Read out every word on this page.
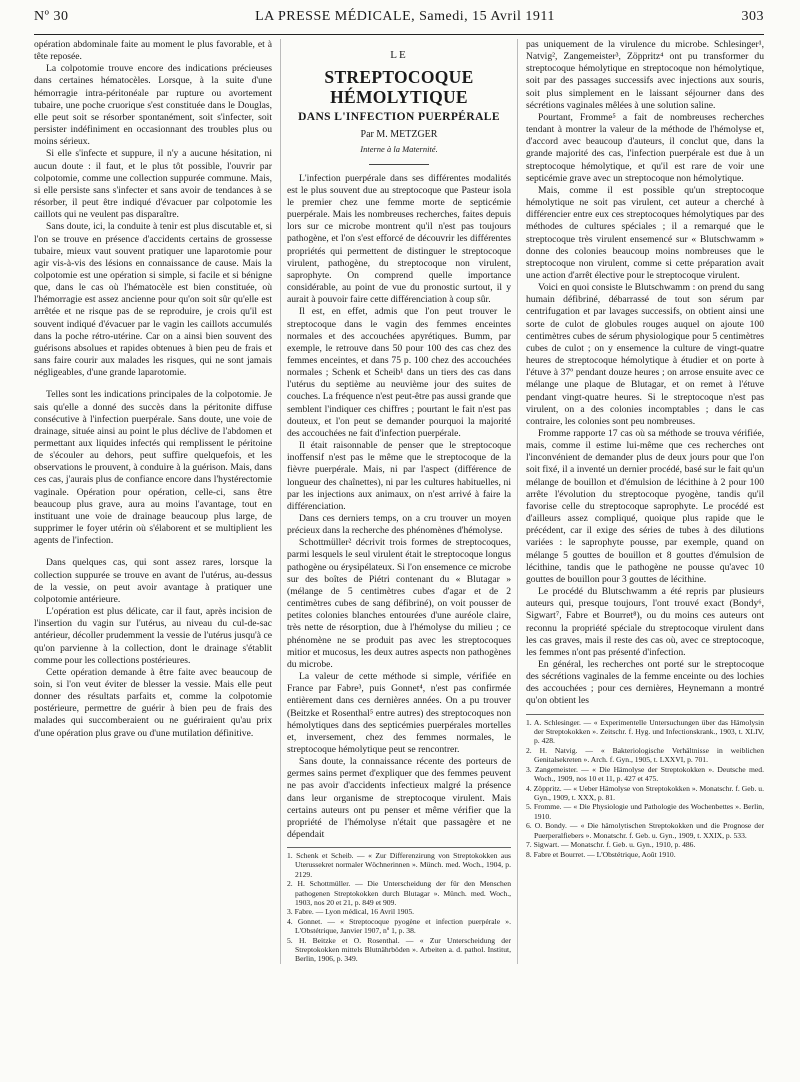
Nº 30	LA PRESSE MÉDICALE, Samedi, 15 Avril 1911	303

opération abdominale faite au moment le plus favorable, et à tête reposée.

La colpotomie trouve encore des indications précieuses dans certaines hématocèles. Lorsque, à la suite d'une hémorragie intra-péritonéale par rupture ou avortement tubaire, une poche cruorique s'est constituée dans le Douglas, elle peut soit se résorber spontanément, soit s'infecter, soit persister indéfiniment en occasionnant des troubles plus ou moins sérieux.

Si elle s'infecte et suppure, il n'y a aucune hésitation, ni aucun doute : il faut, et le plus tôt possible, l'ouvrir par colpotomie, comme une collection suppurée commune. Mais, si elle persiste sans s'infecter et sans avoir de tendances à se résorber, il peut être indiqué d'évacuer par colpotomie les caillots qui ne veulent pas disparaître.

Sans doute, ici, la conduite à tenir est plus discutable et, si l'on se trouve en présence d'accidents certains de grossesse tubaire, mieux vaut souvent pratiquer une laparotomie pour agir vis-à-vis des lésions en connaissance de cause. Mais la colpotomie est une opération si simple, si facile et si bénigne que, dans le cas où l'hématocèle est bien constituée, où l'hémorragie est assez ancienne pour qu'on soit sûr qu'elle est arrêtée et ne risque pas de se reproduire, je crois qu'il est souvent indiqué d'évacuer par le vagin les caillots accumulés dans la poche rétro-utérine. Car on a ainsi bien souvent des guérisons absolues et rapides obtenues à bien peu de frais et sans faire courir aux malades les risques, qui ne sont jamais négligeables, d'une grande laparotomie.

Telles sont les indications principales de la colpotomie. Je sais qu'elle a donné des succès dans la péritonite diffuse consécutive à l'infection puerpérale. Sans doute, une voie de drainage, située ainsi au point le plus déclive de l'abdomen et permettant aux liquides infectés qui remplissent le péritoine de s'écouler au dehors, peut suffire quelquefois, et les observations le prouvent, à conduire à la guérison. Mais, dans ces cas, j'aurais plus de confiance encore dans l'hystérectomie vaginale. Opération pour opération, celle-ci, sans être beaucoup plus grave, aura au moins l'avantage, tout en instituant une voie de drainage beaucoup plus large, de supprimer le foyer utérin où s'élaborent et se multiplient les agents de l'infection.

Dans quelques cas, qui sont assez rares, lorsque la collection suppurée se trouve en avant de l'utérus, au-dessus de la vessie, on peut avoir avantage à pratiquer une colpotomie antérieure.

L'opération est plus délicate, car il faut, après incision de l'insertion du vagin sur l'utérus, au niveau du cul-de-sac antérieur, décoller prudemment la vessie de l'utérus jusqu'à ce qu'on parvienne à la collection, dont le drainage s'établit comme pour les collections postérieures.

Cette opération demande à être faite avec beaucoup de soin, si l'on veut éviter de blesser la vessie. Mais elle peut donner des résultats parfaits et, comme la colpotomie postérieure, permettre de guérir à bien peu de frais des malades qui succomberaient ou ne guériraient qu'au prix d'une opération plus grave ou d'une mutilation définitive.

LE
STREPTOCOQUE HÉMOLYTIQUE
DANS L'INFECTION PUERPÉRALE
Par M. METZGER
Interne à la Maternité.

L'infection puerpérale dans ses différentes modalités est le plus souvent due au streptocoque que Pasteur isola le premier chez une femme morte de septicémie puerpérale. Mais les nombreuses recherches, faites depuis lors sur ce microbe montrent qu'il n'est pas toujours pathogène, et l'on s'est efforcé de découvrir les différentes propriétés qui permettent de distinguer le streptocoque virulent, pathogène, du streptocoque non virulent, saprophyte. On comprend quelle importance considérable, au point de vue du pronostic surtout, il y aurait à pouvoir faire cette différenciation à coup sûr.

Il est, en effet, admis que l'on peut trouver le streptocoque dans le vagin des femmes enceintes normales et des accouchées apyrétiques. Bumm, par exemple, le retrouve dans 50 pour 100 des cas chez des femmes enceintes, et dans 75 p. 100 chez des accouchées normales ; Schenk et Scheib¹ dans un tiers des cas dans l'utérus du septième au neuvième jour des suites de couches. La fréquence n'est peut-être pas aussi grande que semblent l'indiquer ces chiffres ; pourtant le fait n'est pas douteux, et l'on peut se demander pourquoi la majorité des accouchées ne fait d'infection puerpérale.

Il était raisonnable de penser que le streptocoque inoffensif n'est pas le même que le streptocoque de la fièvre puerpérale. Mais, ni par l'aspect (différence de longueur des chaînettes), ni par les cultures habituelles, ni par les injections aux animaux, on n'est arrivé à faire la différenciation.

Dans ces derniers temps, on a cru trouver un moyen précieux dans la recherche des phénomènes d'hémolyse.

Schottmüller² décrivit trois formes de streptocoques, parmi lesquels le seul virulent était le streptocoque longus pathogène ou érysipélateux. Si l'on ensemence ce microbe sur des boîtes de Piétri contenant du « Blutagar » (mélange de 5 centimètres cubes d'agar et de 2 centimètres cubes de sang défibriné), on voit pousser de petites colonies blanches entourées d'une auréole claire, très nette de résorption, due à l'hémolyse du milieu ; ce phénomène ne se produit pas avec les streptocoques mitior et mucosus, les deux autres aspects non pathogènes du microbe.

La valeur de cette méthode si simple, vérifiée en France par Fabre³, puis Gonnet⁴, n'est pas confirmée entièrement dans ces dernières années. On a pu trouver (Beitzke et Rosenthal⁵ entre autres) des streptocoques non hémolytiques dans des septicémies puerpérales mortelles et, inversement, chez des femmes normales, le streptocoque hémolytique peut se rencontrer.

Sans doute, la connaissance récente des porteurs de germes sains permet d'expliquer que des femmes peuvent ne pas avoir d'accidents infectieux malgré la présence dans leur organisme de streptocoque virulent. Mais certains auteurs ont pu penser et même vérifier que la propriété de l'hémolyse n'était que passagère et ne dépendait

1. Schenk et Scheib. — « Zur Differenzirung von Streptokokken aus Uterussekret normaler Wöchnerinnen ». Münch. med. Woch., 1904, p. 2129.
2. H. Schottmüller. — Die Unterscheidung der für den Menschen pathogenen Streptokokken durch Blutagar ». Münch. med. Woch., 1903, nos 20 et 21, p. 849 et 909.
3. Fabre. — Lyon médical, 16 Avril 1905.
4. Gonnet. — « Streptocoque pyogène et infection puerpérale ». L'Obstétrique, Janvier 1907, nº 1, p. 38.
5. H. Beitzke et O. Rosenthal. — « Zur Unterscheidung der Streptokokken mittels Blutnährböden ». Arbeiten a. d. pathol. Institut, Berlin, 1906, p. 349.

pas uniquement de la virulence du microbe. Schlesinger¹, Natvig², Zangemeister³, Zöppritz⁴ ont pu transformer du streptocoque hémolytique en streptocoque non hémolytique, soit par des passages successifs avec injections aux souris, soit plus simplement en le laissant séjourner dans des sécrétions vaginales mêlées à une solution saline.

Pourtant, Fromme⁵ a fait de nombreuses recherches tendant à montrer la valeur de la méthode de l'hémolyse et, d'accord avec beaucoup d'auteurs, il conclut que, dans la grande majorité des cas, l'infection puerpérale est due à un streptocoque hémolytique, et qu'il est rare de voir une septicémie grave avec un streptocoque non hémolytique.

Mais, comme il est possible qu'un streptocoque hémolytique ne soit pas virulent, cet auteur a cherché à différencier entre eux ces streptocoques hémolytiques par des méthodes de cultures spéciales ; il a remarqué que le streptocoque très virulent ensemencé sur « Blutschwamm » donne des colonies beaucoup moins nombreuses que le streptocoque non virulent, comme si cette préparation avait une action d'arrêt élective pour le streptocoque virulent.

Voici en quoi consiste le Blutschwamm : on prend du sang humain défibriné, débarrassé de tout son sérum par centrifugation et par lavages successifs, on obtient ainsi une sorte de culot de globules rouges auquel on ajoute 100 centimètres cubes de sérum physiologique pour 5 centimètres cubes de culot ; on y ensemence la culture de vingt-quatre heures de streptocoque hémolytique à étudier et on porte à l'étuve à 37º pendant douze heures ; on arrose ensuite avec ce mélange une plaque de Blutagar, et on remet à l'étuve pendant vingt-quatre heures. Si le streptocoque n'est pas virulent, on a des colonies incomptables ; dans le cas contraire, les colonies sont peu nombreuses.

Fromme rapporte 17 cas où sa méthode se trouva vérifiée, mais, comme il estime lui-même que ces recherches ont l'inconvénient de demander plus de deux jours pour que l'on soit fixé, il a inventé un dernier procédé, basé sur le fait qu'un mélange de bouillon et d'émulsion de lécithine à 2 pour 100 arrête l'évolution du streptocoque pyogène, tandis qu'il favorise celle du streptocoque saprophyte. Le procédé est d'ailleurs assez compliqué, quoique plus rapide que le précédent, car il exige des séries de tubes à des dilutions variées : le saprophyte pousse, par exemple, quand on mélange 5 gouttes de bouillon et 8 gouttes d'émulsion de lécithine, tandis que le pathogène ne pousse qu'avec 10 gouttes de bouillon pour 3 gouttes de lécithine.

Le procédé du Blutschwamm a été repris par plusieurs auteurs qui, presque toujours, l'ont trouvé exact (Bondy⁶, Sigwart⁷, Fabre et Bourret⁸), ou du moins ces auteurs ont reconnu la propriété spéciale du streptocoque virulent dans les cas graves, mais il reste des cas où, avec ce streptocoque, les femmes n'ont pas présenté d'infection.

En général, les recherches ont porté sur le streptocoque des sécrétions vaginales de la femme enceinte ou des lochies des accouchées ; pour ces dernières, Heynemann a montré qu'on obtient les

1. A. Schlesinger. — « Experimentelle Untersuchungen über das Hämolysin der Streptokokken ». Zeitschr. f. Hyg. und Infectionskrank., 1903, t. XLIV, p. 428.
2. H. Natvig. — « Bakteriologische Verhältnisse in weiblichen Genitalsekreten ». Arch. f. Gyn., 1905, t. LXXVI, p. 701.
3. Zangemeister. — « Die Hämolyse der Streptokokken ». Deutsche med. Woch., 1909, nos 10 et 11, p. 427 et 475.
4. Zöppritz. — « Ueber Hämolyse von Streptokokken ». Monatschr. f. Geb. u. Gyn., 1909, t. XXX, p. 81.
5. Fromme. — « Die Physiologie und Pathologie des Wochenbettes ». Berlin, 1910.
6. O. Bondy. — « Die hämolytischen Streptokokken und die Prognose der Puerperalfiebers ». Monatschr. f. Geb. u. Gyn., 1909, t. XXIX, p. 533.
7. Sigwart. — Monatschr. f. Geb. u. Gyn., 1910, p. 486.
8. Fabre et Bourret. — L'Obstétrique, Août 1910.
